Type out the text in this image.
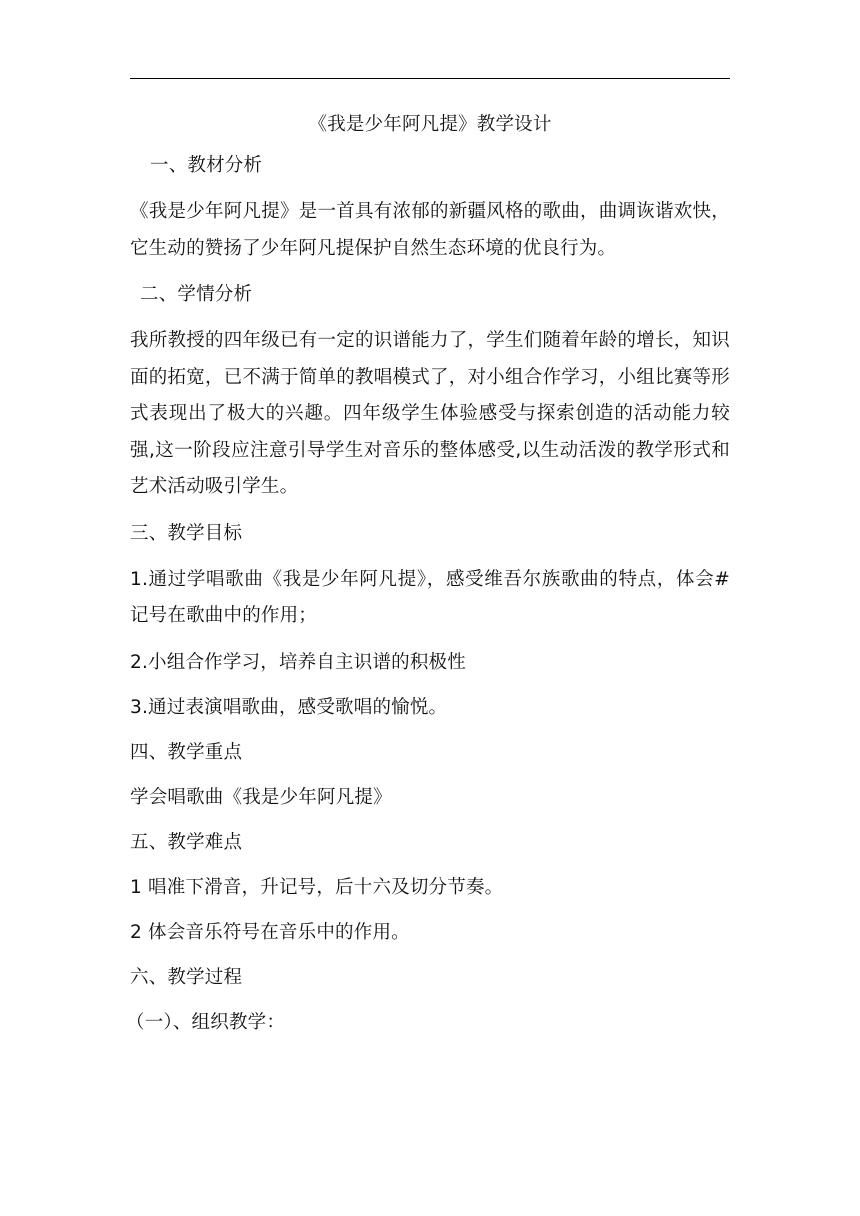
《我是少年阿凡提》教学设计
一、教材分析
《我是少年阿凡提》是一首具有浓郁的新疆风格的歌曲，曲调诙谐欢快，它生动的赞扬了少年阿凡提保护自然生态环境的优良行为。
二、学情分析
我所教授的四年级已有一定的识谱能力了，学生们随着年龄的增长，知识面的拓宽，已不满于简单的教唱模式了，对小组合作学习，小组比赛等形式表现出了极大的兴趣。四年级学生体验感受与探索创造的活动能力较强,这一阶段应注意引导学生对音乐的整体感受,以生动活泼的教学形式和艺术活动吸引学生。
三、教学目标
1.通过学唱歌曲《我是少年阿凡提》，感受维吾尔族歌曲的特点，体会#记号在歌曲中的作用；
2.小组合作学习，培养自主识谱的积极性
3.通过表演唱歌曲，感受歌唱的愉悦。
四、教学重点
学会唱歌曲《我是少年阿凡提》
五、教学难点
1 唱准下滑音，升记号，后十六及切分节奏。
2 体会音乐符号在音乐中的作用。
六、教学过程
（一）、组织教学：
